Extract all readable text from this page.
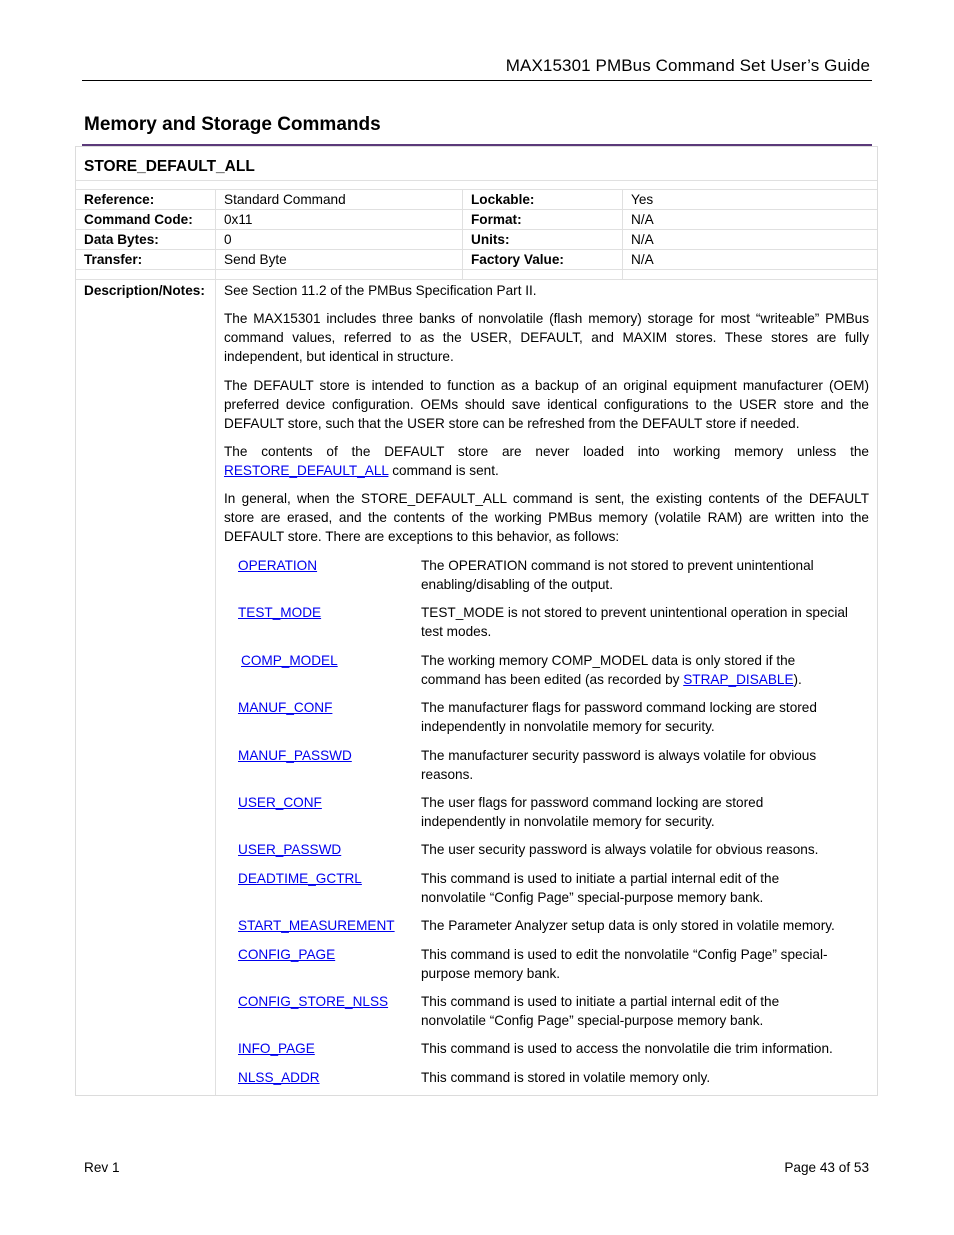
MAX15301 PMBus Command Set User’s Guide
Memory and Storage Commands
STORE_DEFAULT_ALL
Reference:	Standard Command	Lockable:	Yes
Command Code: 0x11	Format:	N/A
Data Bytes:	0	Units:	N/A
Transfer:	Send Byte	Factory Value:	N/A
Description/Notes: See Section 11.2 of the PMBus Specification Part II.
The MAX15301 includes three banks of nonvolatile (flash memory) storage for most “writeable” PMBus command values, referred to as the USER, DEFAULT, and MAXIM stores. These stores are fully independent, but identical in structure.
The DEFAULT store is intended to function as a backup of an original equipment manufacturer (OEM) preferred device configuration. OEMs should save identical configurations to the USER store and the DEFAULT store, such that the USER store can be refreshed from the DEFAULT store if needed.
The contents of the DEFAULT store are never loaded into working memory unless the RESTORE_DEFAULT_ALL command is sent.
In general, when the STORE_DEFAULT_ALL command is sent, the existing contents of the DEFAULT store are erased, and the contents of the working PMBus memory (volatile RAM) are written into the DEFAULT store. There are exceptions to this behavior, as follows:
OPERATION	The OPERATION command is not stored to prevent unintentional enabling/disabling of the output.
TEST_MODE	TEST_MODE is not stored to prevent unintentional operation in special test modes.
COMP_MODEL	The working memory COMP_MODEL data is only stored if the command has been edited (as recorded by STRAP_DISABLE).
MANUF_CONF	The manufacturer flags for password command locking are stored independently in nonvolatile memory for security.
MANUF_PASSWD	The manufacturer security password is always volatile for obvious reasons.
USER_CONF	The user flags for password command locking are stored independently in nonvolatile memory for security.
USER_PASSWD	The user security password is always volatile for obvious reasons.
DEADTIME_GCTRL	This command is used to initiate a partial internal edit of the nonvolatile “Config Page” special-purpose memory bank.
START_MEASUREMENT The Parameter Analyzer setup data is only stored in volatile memory.
CONFIG_PAGE	This command is used to edit the nonvolatile “Config Page” special-purpose memory bank.
CONFIG_STORE_NLSS This command is used to initiate a partial internal edit of the nonvolatile “Config Page” special-purpose memory bank.
INFO_PAGE	This command is used to access the nonvolatile die trim information.
NLSS_ADDR	This command is stored in volatile memory only.
Rev 1	Page 43 of 53
